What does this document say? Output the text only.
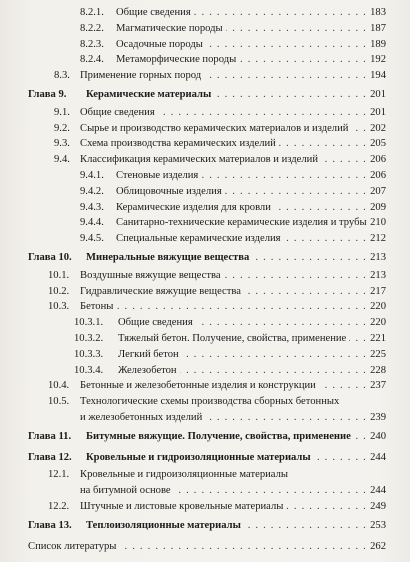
8.2.1. Общие сведения . . .	183
8.2.2. Магматические породы . . .	187
8.2.3. Осадочные породы . . .	189
8.2.4. Метаморфические породы . . .	192
8.3. Применение горных пород . . .	194
Глава 9. Керамические материалы . . .	201
9.1. Общие сведения . . .	201
9.2. Сырье и производство керамических материалов и изделий 202
. . .
9.3. Схема производства керамических изделий . . .	205
9.4. Классификация керамических материалов и изделий . . .	206
9.4.1. Стеновые изделия . . .	206
9.4.2. Облицовочные изделия . . .	207
9.4.3. Керамические изделия для кровли . . .	209
9.4.4. Санитарно-технические керамические изделия и трубы 210
9.4.5. Специальные керамические изделия . . .	212
Глава 10. Минеральные вяжущие вещества . . .	213
10.1. Воздушные вяжущие вещества . . .	213
10.2. Гидравлические вяжущие вещества . . .	217
10.3. Бетоны . . .	220
10.3.1. Общие сведения . . .	220
10.3.2. Тяжелый бетон. Получение, свойства, применение 221
. . .
10.3.3. Легкий бетон . . .	225
10.3.4. Железобетон . . .	228
10.4. Бетонные и железобетонные изделия и конструкции . . .	237
10.5. Технологические схемы производства сборных бетонных
и железобетонных изделий . . .	239
Глава 11. Битумные вяжущие. Получение, свойства, применение 240
. . .
Глава 12. Кровельные и гидроизоляционные материалы	244
. . .
12.1. Кровельные и гидроизоляционные материалы
на битумной основе . . .	244
12.2. Штучные и листовые кровельные материалы	249
. . .
Глава 13. Теплоизоляционные материалы	253
. . .
Список литературы	262
. . .
